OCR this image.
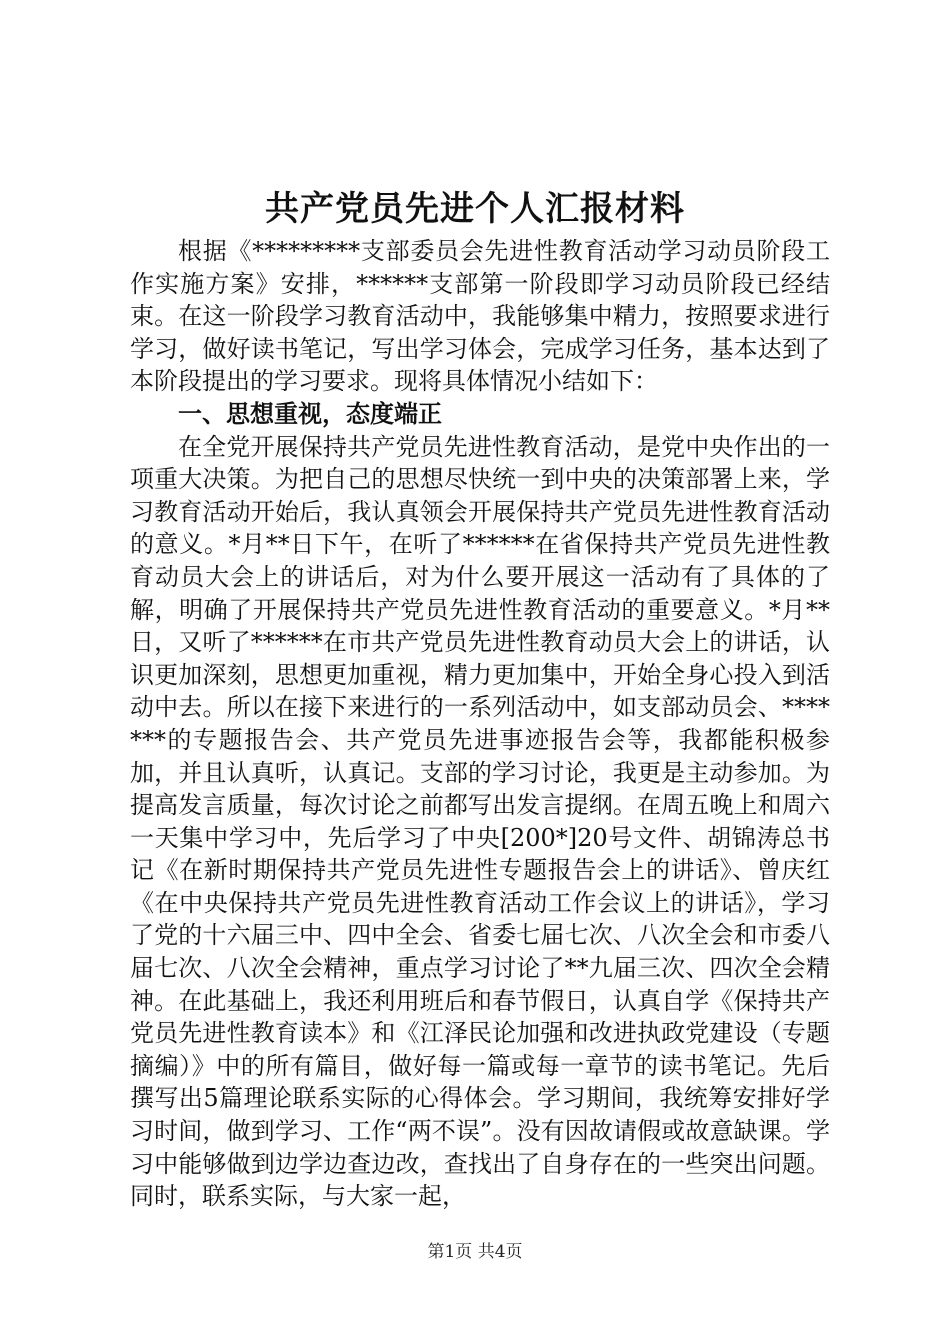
共产党员先进个人汇报材料

根据《*********支部委员会先进性教育活动学习动员阶段工作实施方案》安排，******支部第一阶段即学习动员阶段已经结束。在这一阶段学习教育活动中，我能够集中精力，按照要求进行学习，做好读书笔记，写出学习体会，完成学习任务，基本达到了本阶段提出的学习要求。现将具体情况小结如下：

一、思想重视，态度端正

在全党开展保持共产党员先进性教育活动，是党中央作出的一项重大决策。为把自己的思想尽快统一到中央的决策部署上来，学习教育活动开始后，我认真领会开展保持共产党员先进性教育活动的意义。*月**日下午，在听了******在省保持共产党员先进性教育动员大会上的讲话后，对为什么要开展这一活动有了具体的了解，明确了开展保持共产党员先进性教育活动的重要意义。*月**日，又听了******在市共产党员先进性教育动员大会上的讲话，认识更加深刻，思想更加重视，精力更加集中，开始全身心投入到活动中去。所以在接下来进行的一系列活动中，如支部动员会、*******的专题报告会、共产党员先进事迹报告会等，我都能积极参加，并且认真听，认真记。支部的学习讨论，我更是主动参加。为提高发言质量，每次讨论之前都写出发言提纲。在周五晚上和周六一天集中学习中，先后学习了中央[200*]20号文件、胡锦涛总书记《在新时期保持共产党员先进性专题报告会上的讲话》、曾庆红《在中央保持共产党员先进性教育活动工作会议上的讲话》，学习了党的十六届三中、四中全会、省委七届七次、八次全会和市委八届七次、八次全会精神，重点学习讨论了**九届三次、四次全会精神。在此基础上，我还利用班后和春节假日，认真自学《保持共产党员先进性教育读本》和《江泽民论加强和改进执政党建设（专题摘编）》中的所有篇目，做好每一篇或每一章节的读书笔记。先后撰写出5篇理论联系实际的心得体会。学习期间，我统筹安排好学习时间，做到学习、工作“两不误”。没有因故请假或故意缺课。学习中能够做到边学边查边改，查找出了自身存在的一些突出问题。同时，联系实际，与大家一起，

第1页 共4页
